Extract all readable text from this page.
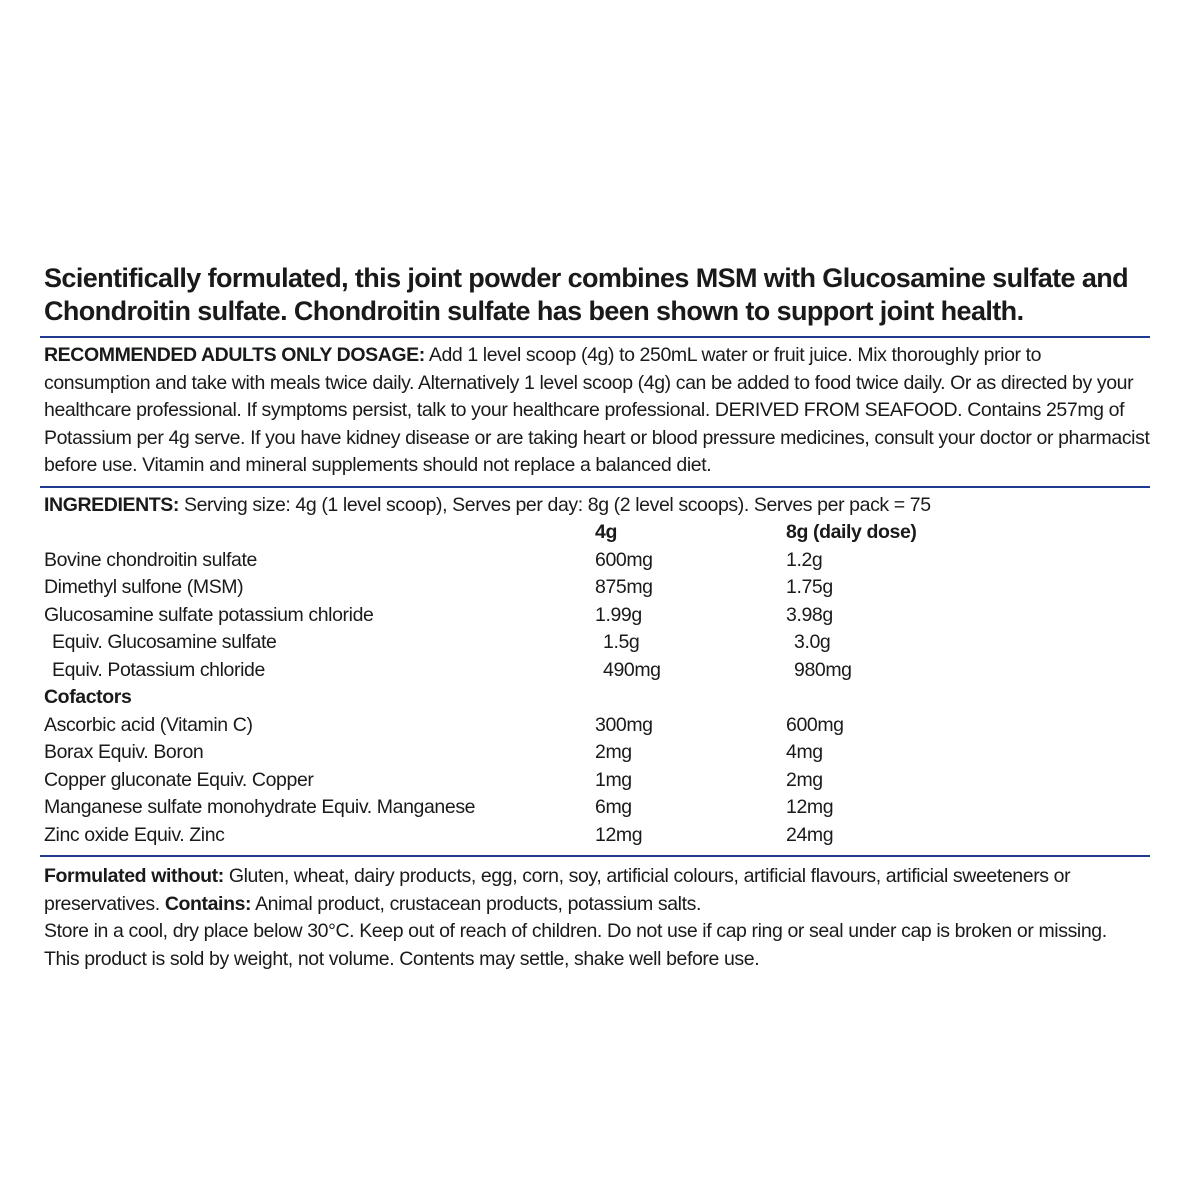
Scientifically formulated, this joint powder combines MSM with Glucosamine sulfate and Chondroitin sulfate. Chondroitin sulfate has been shown to support joint health.

RECOMMENDED ADULTS ONLY DOSAGE: Add 1 level scoop (4g) to 250mL water or fruit juice. Mix thoroughly prior to consumption and take with meals twice daily. Alternatively 1 level scoop (4g) can be added to food twice daily. Or as directed by your healthcare professional. If symptoms persist, talk to your healthcare professional. DERIVED FROM SEAFOOD. Contains 257mg of Potassium per 4g serve. If you have kidney disease or are taking heart or blood pressure medicines, consult your doctor or pharmacist before use. Vitamin and mineral supplements should not replace a balanced diet.

INGREDIENTS: Serving size: 4g (1 level scoop), Serves per day: 8g (2 level scoops). Serves per pack = 75
4g	8g (daily dose)
Bovine chondroitin sulfate	600mg	1.2g
Dimethyl sulfone (MSM)	875mg	1.75g
Glucosamine sulfate potassium chloride	1.99g	3.98g
Equiv. Glucosamine sulfate	1.5g	3.0g
Equiv. Potassium chloride	490mg	980mg
Cofactors
Ascorbic acid (Vitamin C)	300mg	600mg
Borax Equiv. Boron	2mg	4mg
Copper gluconate Equiv. Copper	1mg	2mg
Manganese sulfate monohydrate Equiv. Manganese	6mg	12mg
Zinc oxide Equiv. Zinc	12mg	24mg

Formulated without: Gluten, wheat, dairy products, egg, corn, soy, artificial colours, artificial flavours, artificial sweeteners or preservatives. Contains: Animal product, crustacean products, potassium salts.
Store in a cool, dry place below 30°C. Keep out of reach of children. Do not use if cap ring or seal under cap is broken or missing.
This product is sold by weight, not volume. Contents may settle, shake well before use.
